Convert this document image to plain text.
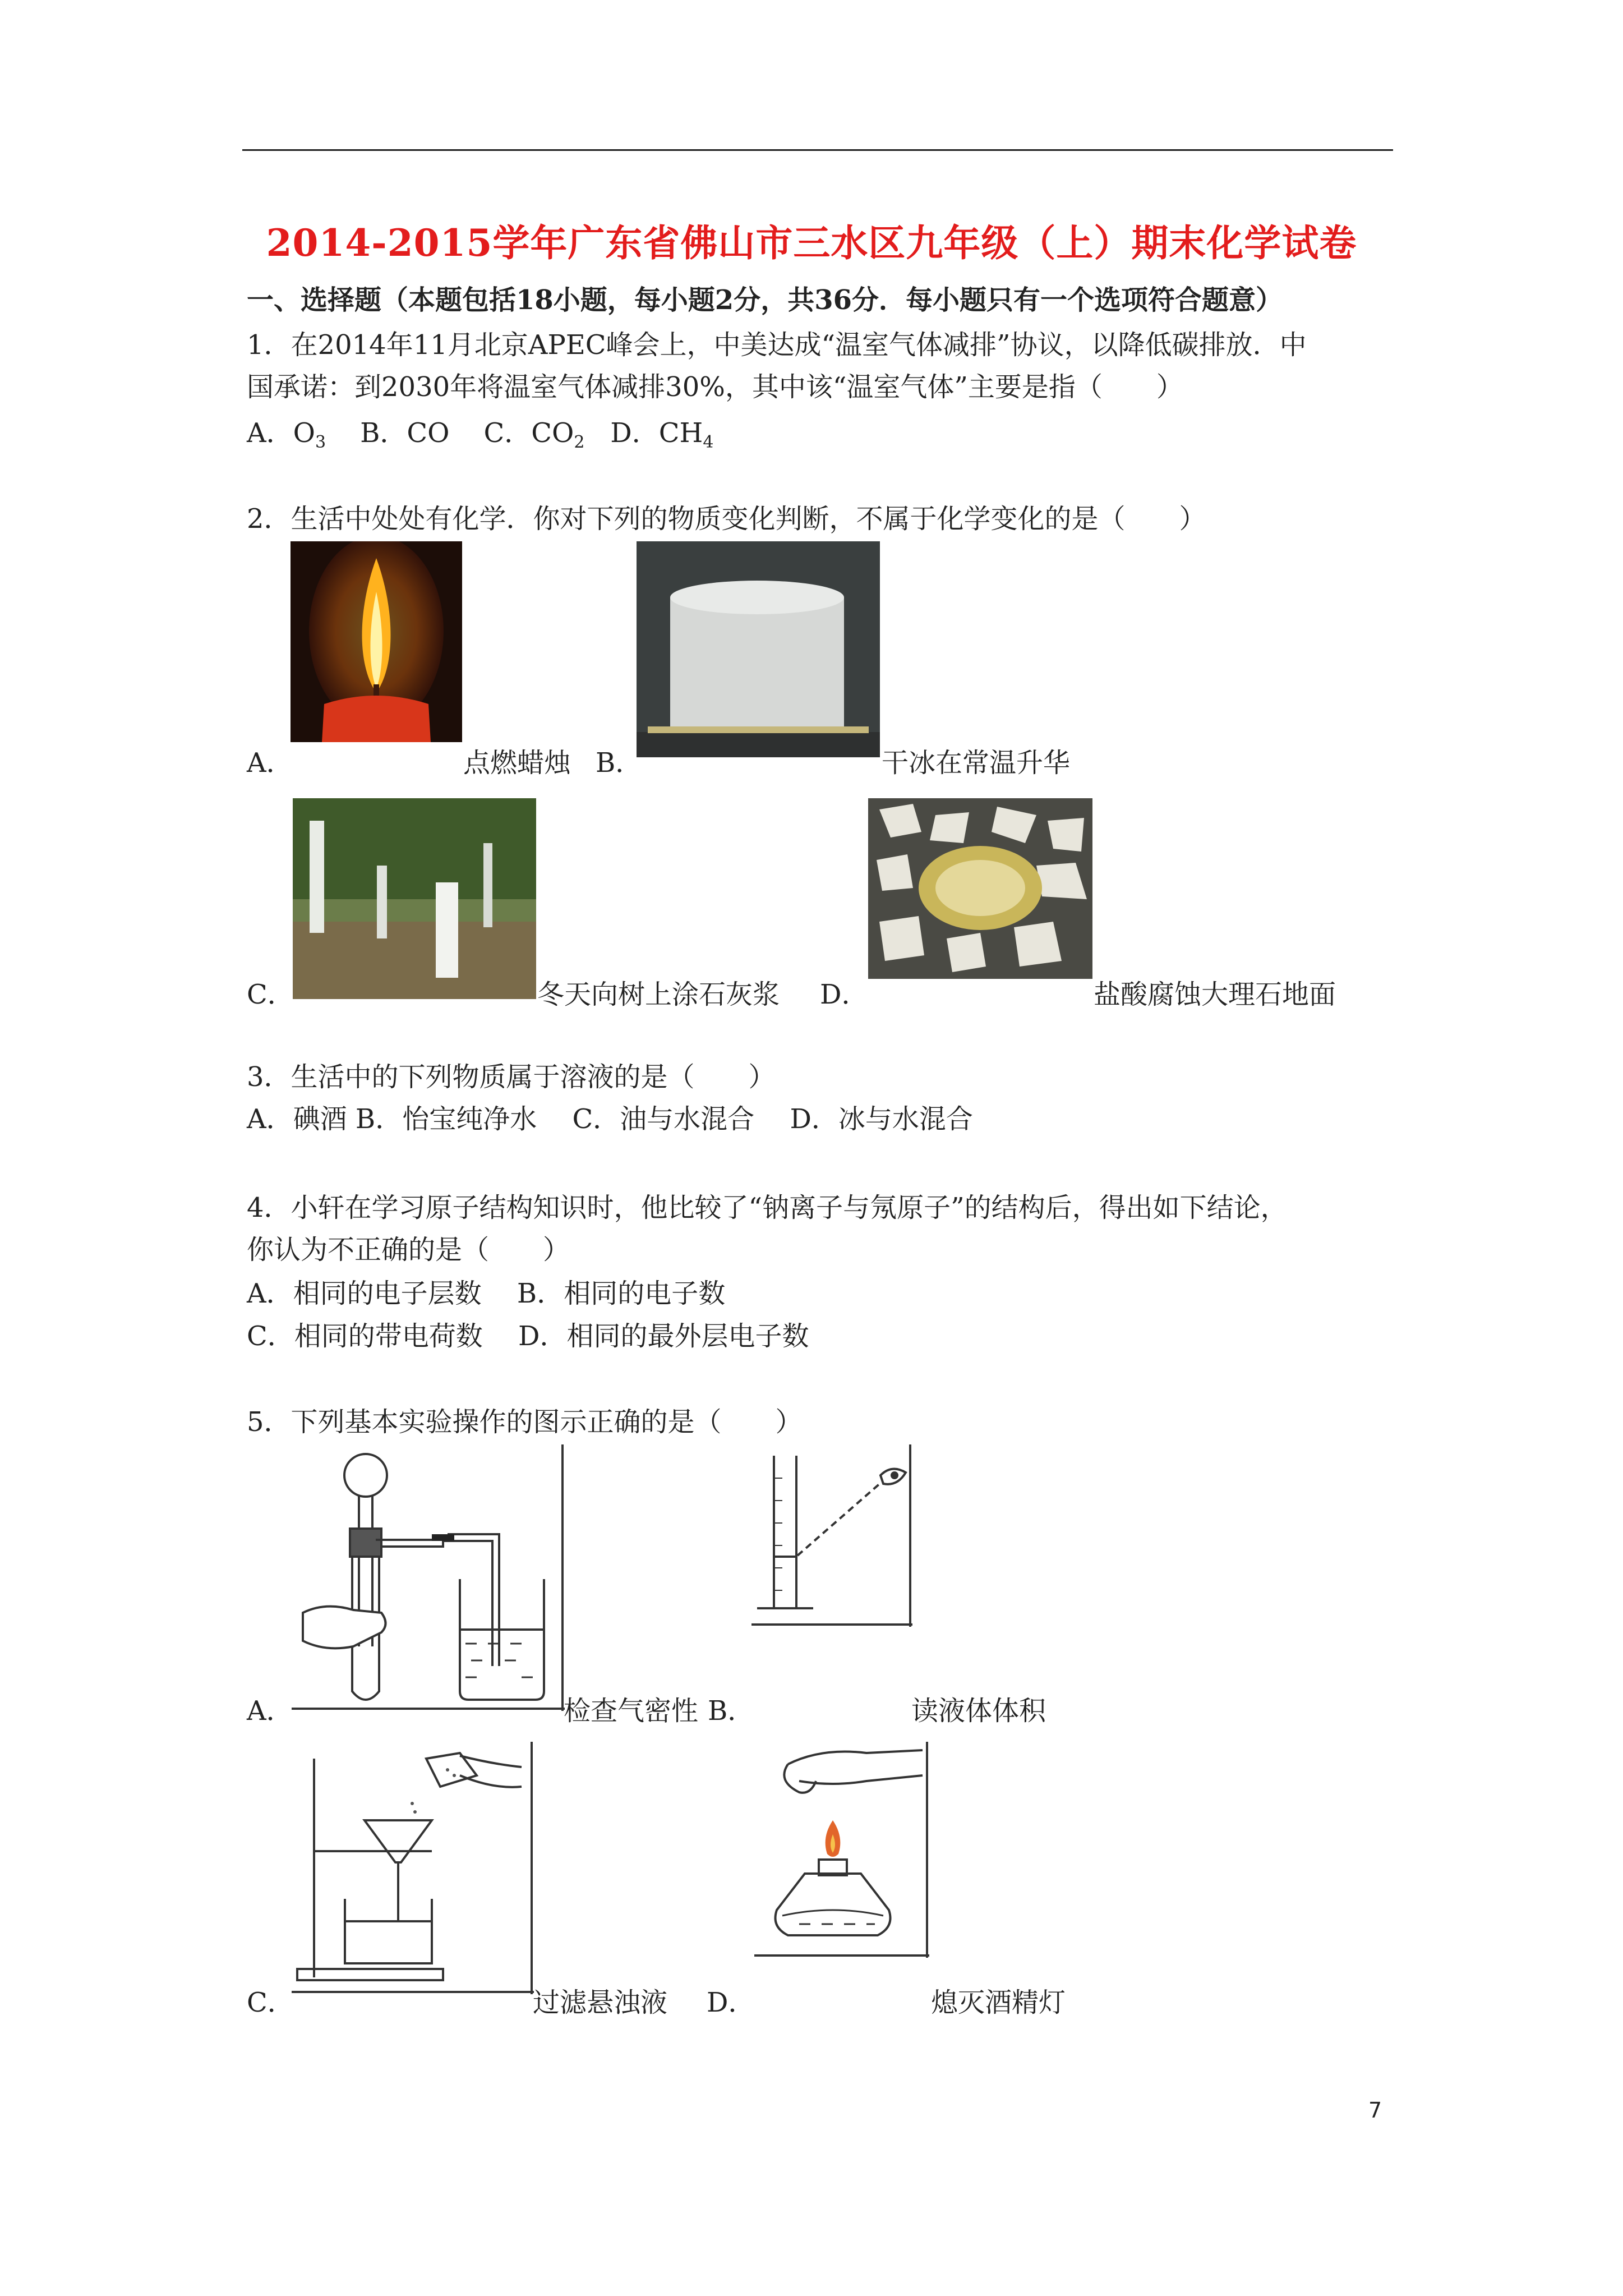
2014-2015学年广东省佛山市三水区九年级（上）期末化学试卷
一、选择题（本题包括18小题，每小题2分，共36分．每小题只有一个选项符合题意）
1．在2014年11月北京APEC峰会上，中美达成“温室气体减排”协议，以降低碳排放．中
国承诺：到2030年将温室气体减排30%，其中该“温室气体”主要是指（　　）
A．$O_3$ B．CO C．$CO_2$ D．$CH_4$
2．生活中处处有化学．你对下列的物质变化判断，不属于化学变化的是（　　）
A．	点燃蜡烛 B．	干冰在常温升华
C．	冬天向树上涂石灰浆 D．	盐酸腐蚀大理石地面
3．生活中的下列物质属于溶液的是（　　）
A．碘酒 B．怡宝纯净水　 C．油与水混合　 D．冰与水混合
4．小轩在学习原子结构知识时，他比较了“钠离子与氖原子”的结构后，得出如下结论，
你认为不正确的是（　　）
A．相同的电子层数　 B．相同的电子数
C．相同的带电荷数　 D．相同的最外层电子数
5．下列基本实验操作的图示正确的是（　　）
A．	检查气密性 B．	读液体体积
C．	过滤悬浊液 D．	熄灭酒精灯
7
